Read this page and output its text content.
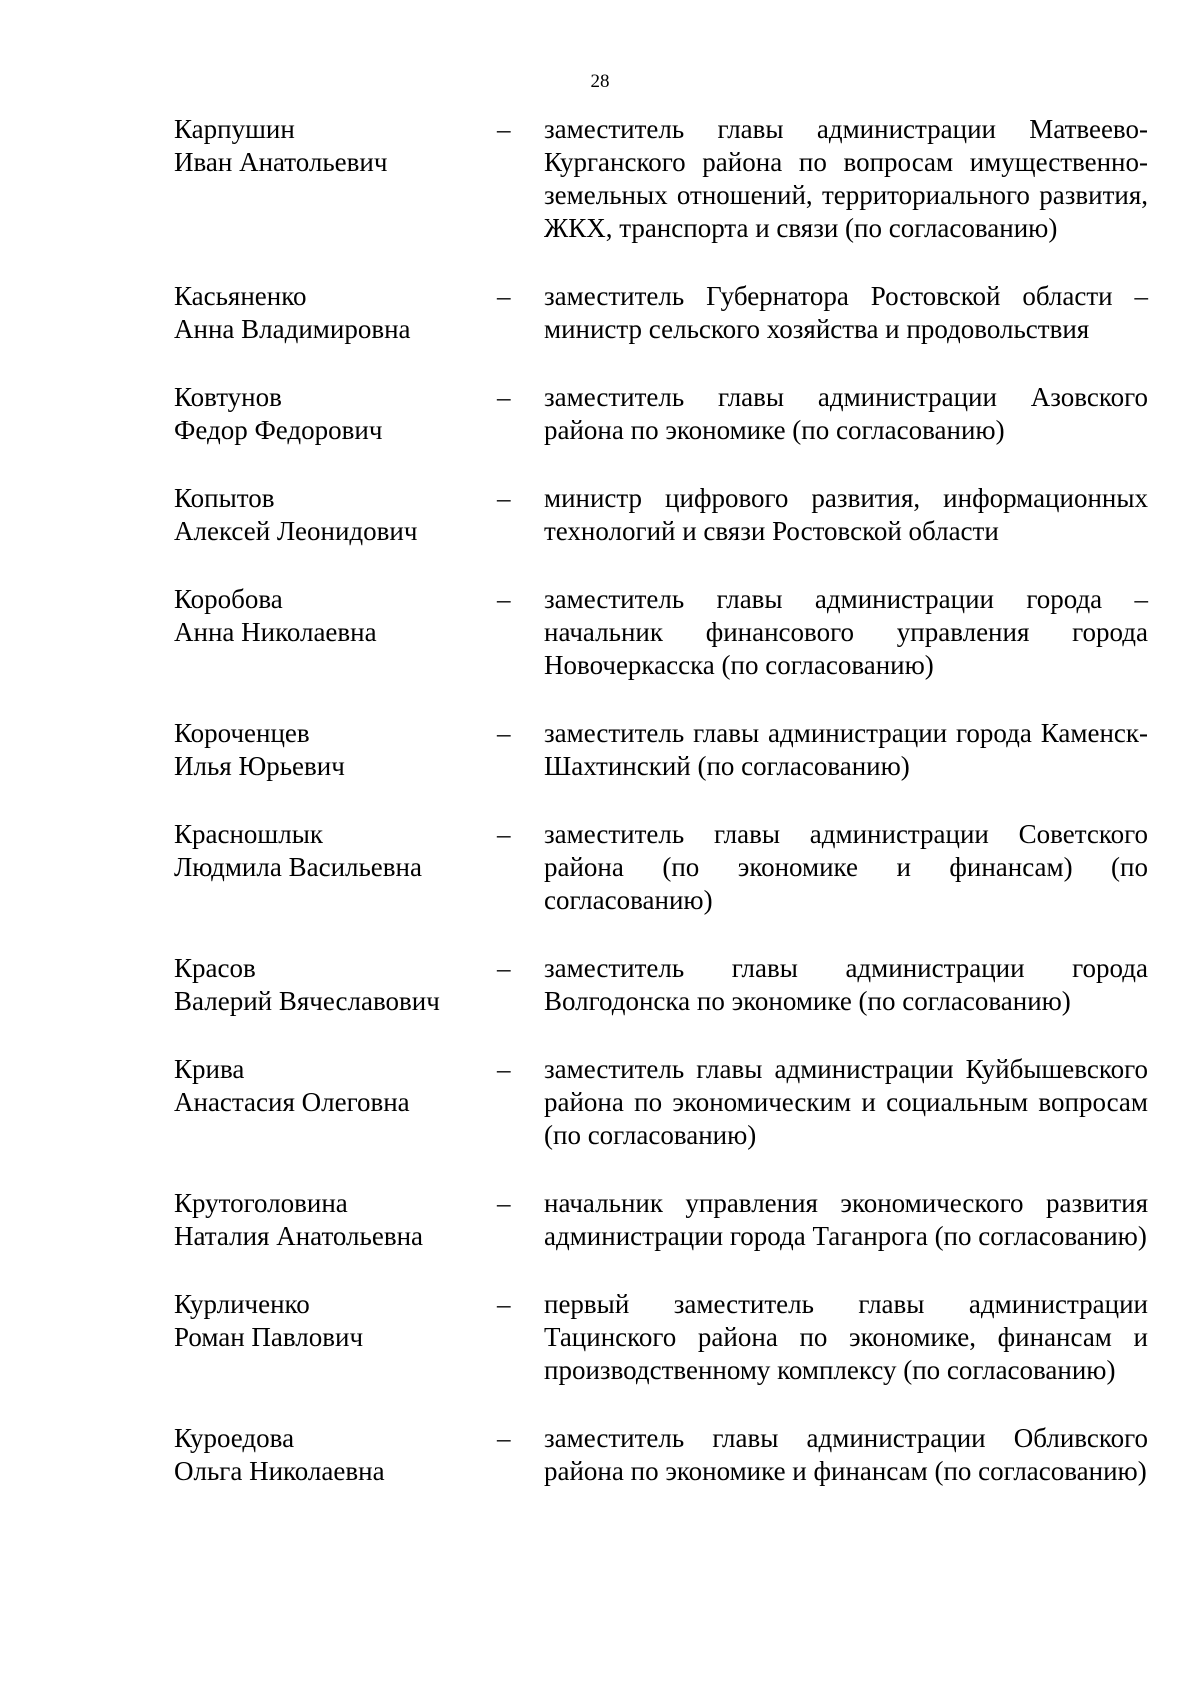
28
Карпушин
Иван Анатольевич
–	заместитель главы администрации Матвеево-Курганского района по вопросам имущественно-земельных отношений, территориального развития, ЖКХ, транспорта и связи (по согласованию)
Касьяненко
Анна Владимировна
–	заместитель Губернатора Ростовской области – министр сельского хозяйства и продовольствия
Ковтунов
Федор Федорович
–	заместитель главы администрации Азовского района по экономике (по согласованию)
Копытов
Алексей Леонидович
–	министр цифрового развития, информационных технологий и связи Ростовской области
Коробова
Анна Николаевна
–	заместитель главы администрации города – начальник финансового управления города Новочеркасска (по согласованию)
Короченцев
Илья Юрьевич
–	заместитель главы администрации города Каменск-Шахтинский (по согласованию)
Красношлык
Людмила Васильевна
–	заместитель главы администрации Советского района (по экономике и финансам) (по согласованию)
Красов
Валерий Вячеславович
–	заместитель главы администрации города Волгодонска по экономике (по согласованию)
Крива
Анастасия Олеговна
–	заместитель главы администрации Куйбышевского района по экономическим и социальным вопросам (по согласованию)
Крутоголовина
Наталия Анатольевна
–	начальник управления экономического развития администрации города Таганрога (по согласованию)
Курличенко
Роман Павлович
–	первый заместитель главы администрации Тацинского района по экономике, финансам и производственному комплексу (по согласованию)
Куроедова
Ольга Николаевна
–	заместитель главы администрации Обливского района по экономике и финансам (по согласованию)
